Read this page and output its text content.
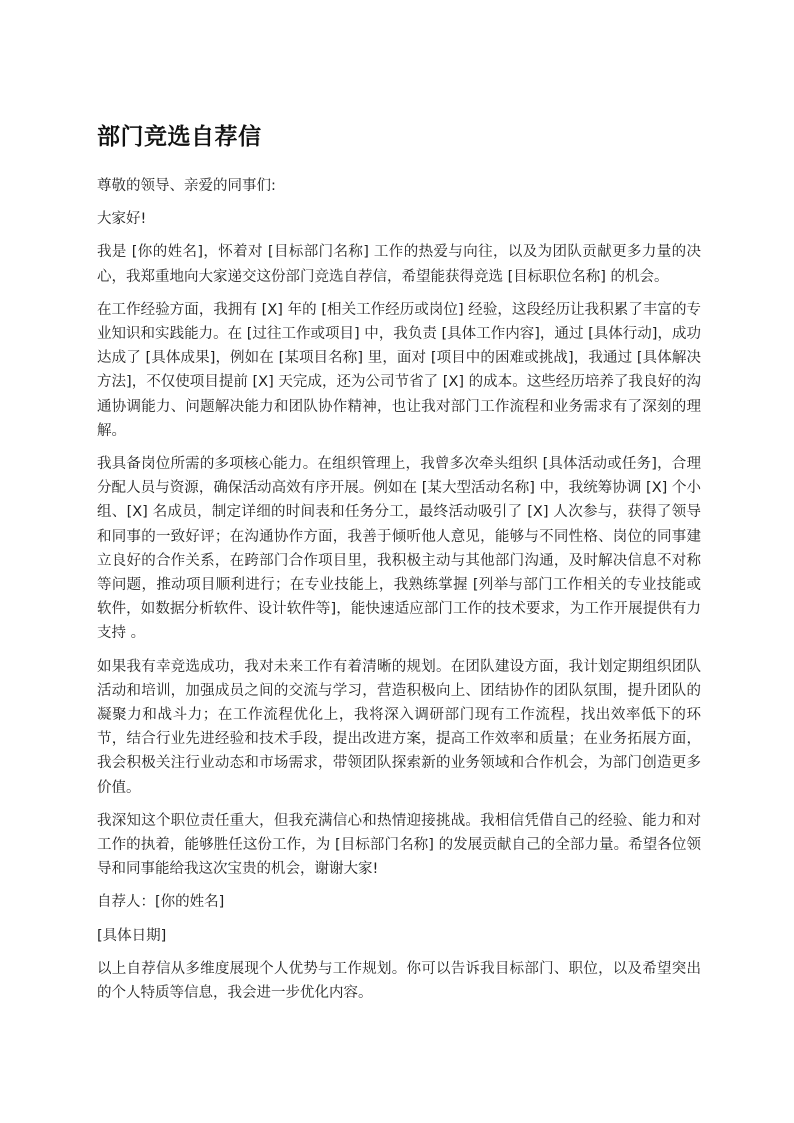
部门竞选自荐信

尊敬的领导、亲爱的同事们:

大家好!

我是 [你的姓名]，怀着对 [目标部门名称] 工作的热爱与向往，以及为团队贡献更多力量的决心，我郑重地向大家递交这份部门竞选自荐信，希望能获得竞选 [目标职位名称] 的机会。

在工作经验方面，我拥有 [X] 年的 [相关工作经历或岗位] 经验，这段经历让我积累了丰富的专业知识和实践能力。在 [过往工作或项目] 中，我负责 [具体工作内容]，通过 [具体行动]，成功达成了 [具体成果]，例如在 [某项目名称] 里，面对 [项目中的困难或挑战]，我通过 [具体解决方法]，不仅使项目提前 [X] 天完成，还为公司节省了 [X] 的成本。这些经历培养了我良好的沟通协调能力、问题解决能力和团队协作精神，也让我对部门工作流程和业务需求有了深刻的理解。

我具备岗位所需的多项核心能力。在组织管理上，我曾多次牵头组织 [具体活动或任务]，合理分配人员与资源，确保活动高效有序开展。例如在 [某大型活动名称] 中，我统筹协调 [X] 个小组、[X] 名成员，制定详细的时间表和任务分工，最终活动吸引了 [X] 人次参与，获得了领导和同事的一致好评；在沟通协作方面，我善于倾听他人意见，能够与不同性格、岗位的同事建立良好的合作关系，在跨部门合作项目里，我积极主动与其他部门沟通，及时解决信息不对称等问题，推动项目顺利进行；在专业技能上，我熟练掌握 [列举与部门工作相关的专业技能或软件，如数据分析软件、设计软件等]，能快速适应部门工作的技术要求，为工作开展提供有力支持 。

如果我有幸竞选成功，我对未来工作有着清晰的规划。在团队建设方面，我计划定期组织团队活动和培训，加强成员之间的交流与学习，营造积极向上、团结协作的团队氛围，提升团队的凝聚力和战斗力；在工作流程优化上，我将深入调研部门现有工作流程，找出效率低下的环节，结合行业先进经验和技术手段，提出改进方案，提高工作效率和质量；在业务拓展方面，我会积极关注行业动态和市场需求，带领团队探索新的业务领域和合作机会，为部门创造更多价值。

我深知这个职位责任重大，但我充满信心和热情迎接挑战。我相信凭借自己的经验、能力和对工作的执着，能够胜任这份工作，为 [目标部门名称] 的发展贡献自己的全部力量。希望各位领导和同事能给我这次宝贵的机会，谢谢大家!

自荐人：[你的姓名]

[具体日期]

以上自荐信从多维度展现个人优势与工作规划。你可以告诉我目标部门、职位，以及希望突出的个人特质等信息，我会进一步优化内容。
